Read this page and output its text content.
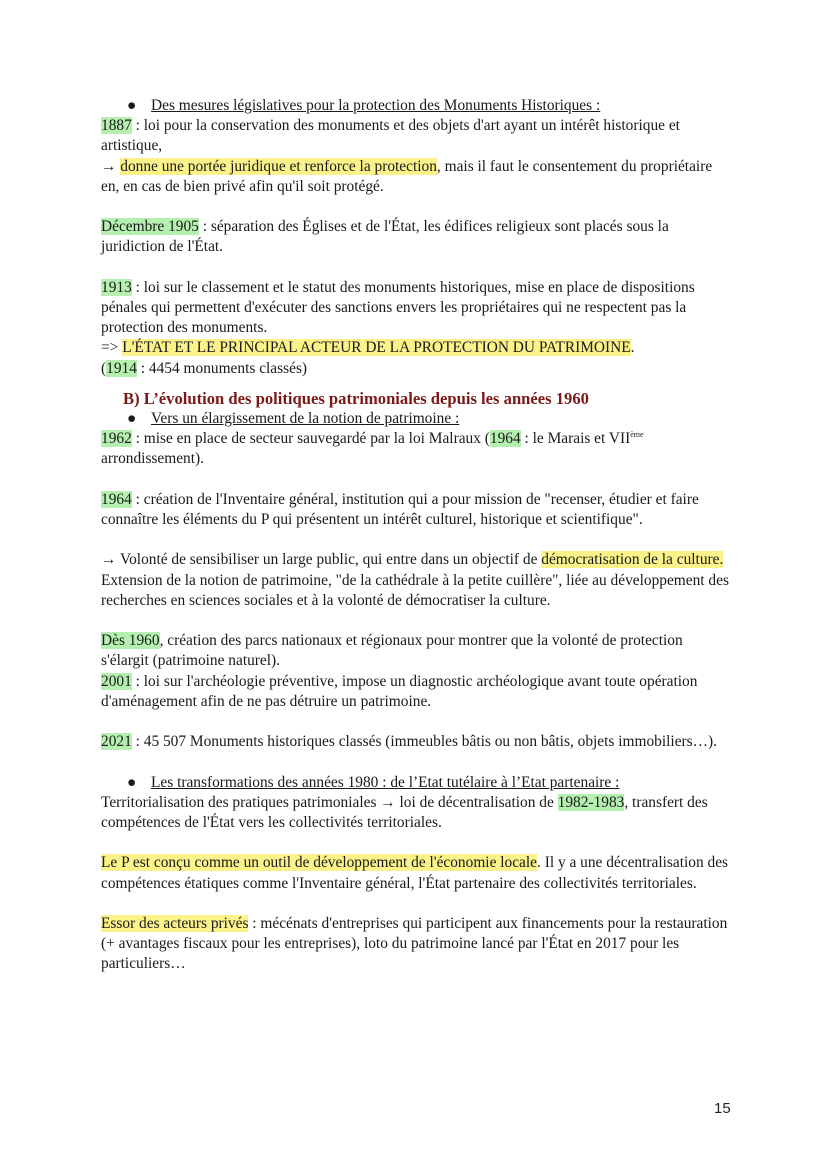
● Des mesures législatives pour la protection des Monuments Historiques :

1887 : loi pour la conservation des monuments et des objets d'art ayant un intérêt historique et artistique,
→ donne une portée juridique et renforce la protection, mais il faut le consentement du propriétaire en, en cas de bien privé afin qu'il soit protégé.

Décembre 1905 : séparation des Églises et de l'État, les édifices religieux sont placés sous la juridiction de l'État.

1913 : loi sur le classement et le statut des monuments historiques, mise en place de dispositions pénales qui permettent d'exécuter des sanctions envers les propriétaires qui ne respectent pas la protection des monuments.
=> L'ÉTAT ET LE PRINCIPAL ACTEUR DE LA PROTECTION DU PATRIMOINE.
(1914 : 4454 monuments classés)

B) L’évolution des politiques patrimoniales depuis les années 1960

● Vers un élargissement de la notion de patrimoine :

1962 : mise en place de secteur sauvegardé par la loi Malraux (1964 : le Marais et VIIème
arrondissement).

1964 : création de l'Inventaire général, institution qui a pour mission de "recenser, étudier et faire connaître les éléments du P qui présentent un intérêt culturel, historique et scientifique".

→ Volonté de sensibiliser un large public, qui entre dans un objectif de démocratisation de la culture.

Extension de la notion de patrimoine, "de la cathédrale à la petite cuillère", liée au développement des recherches en sciences sociales et à la volonté de démocratiser la culture.

Dès 1960, création des parcs nationaux et régionaux pour montrer que la volonté de protection s'élargit (patrimoine naturel).

2001 : loi sur l'archéologie préventive, impose un diagnostic archéologique avant toute opération d'aménagement afin de ne pas détruire un patrimoine.

2021 : 45 507 Monuments historiques classés (immeubles bâtis ou non bâtis, objets immobiliers…).

● Les transformations des années 1980 : de l’Etat tutélaire à l’Etat partenaire :

Territorialisation des pratiques patrimoniales → loi de décentralisation de 1982-1983, transfert des compétences de l'État vers les collectivités territoriales.

Le P est conçu comme un outil de développement de l'économie locale. Il y a une décentralisation des compétences étatiques comme l'Inventaire général, l'État partenaire des collectivités territoriales.

Essor des acteurs privés : mécénats d'entreprises qui participent aux financements pour la restauration (+ avantages fiscaux pour les entreprises), loto du patrimoine lancé par l'État en 2017 pour les particuliers…

15
